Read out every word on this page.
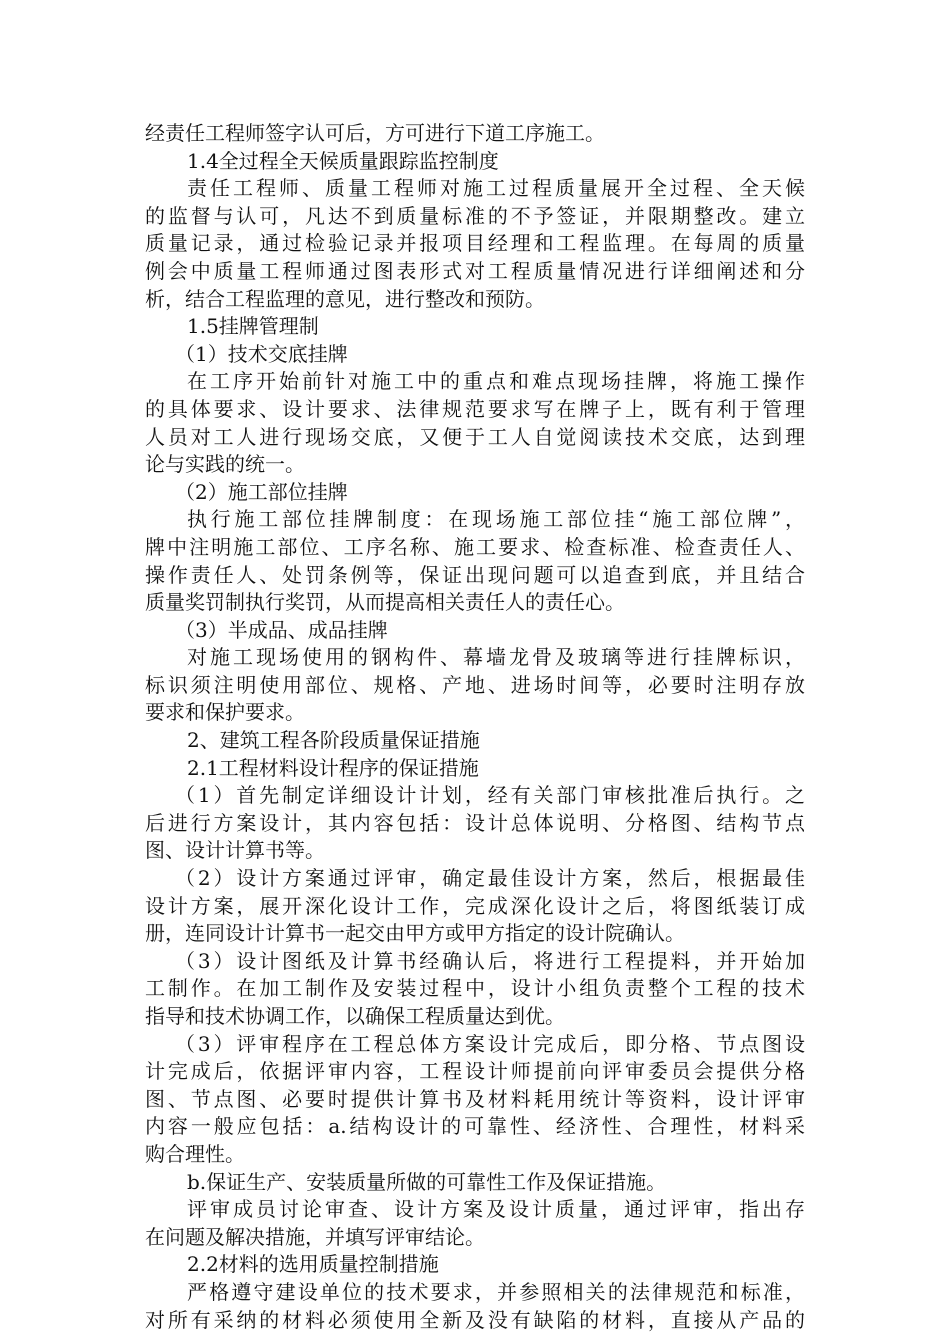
经责任工程师签字认可后，方可进行下道工序施工。
1.4全过程全天候质量跟踪监控制度
责任工程师、质量工程师对施工过程质量展开全过程、全天候
的监督与认可，凡达不到质量标准的不予签证，并限期整改。建立
质量记录，通过检验记录并报项目经理和工程监理。在每周的质量
例会中质量工程师通过图表形式对工程质量情况进行详细阐述和分
析，结合工程监理的意见，进行整改和预防。
1.5挂牌管理制
（1）技术交底挂牌
在工序开始前针对施工中的重点和难点现场挂牌，将施工操作
的具体要求、设计要求、法律规范要求写在牌子上，既有利于管理
人员对工人进行现场交底，又便于工人自觉阅读技术交底，达到理
论与实践的统一。
（2）施工部位挂牌
执行施工部位挂牌制度：在现场施工部位挂“施工部位牌”，
牌中注明施工部位、工序名称、施工要求、检查标准、检查责任人、
操作责任人、处罚条例等，保证出现问题可以追查到底，并且结合
质量奖罚制执行奖罚，从而提高相关责任人的责任心。
（3）半成品、成品挂牌
对施工现场使用的钢构件、幕墙龙骨及玻璃等进行挂牌标识，
标识须注明使用部位、规格、产地、进场时间等，必要时注明存放
要求和保护要求。
2、建筑工程各阶段质量保证措施
2.1工程材料设计程序的保证措施
（1）首先制定详细设计计划，经有关部门审核批准后执行。之
后进行方案设计，其内容包括：设计总体说明、分格图、结构节点
图、设计计算书等。
（2）设计方案通过评审，确定最佳设计方案，然后，根据最佳
设计方案，展开深化设计工作，完成深化设计之后，将图纸装订成
册，连同设计计算书一起交由甲方或甲方指定的设计院确认。
（3）设计图纸及计算书经确认后，将进行工程提料，并开始加
工制作。在加工制作及安装过程中，设计小组负责整个工程的技术
指导和技术协调工作，以确保工程质量达到优。
（3）评审程序在工程总体方案设计完成后，即分格、节点图设
计完成后，依据评审内容，工程设计师提前向评审委员会提供分格
图、节点图、必要时提供计算书及材料耗用统计等资料，设计评审
内容一般应包括：a.结构设计的可靠性、经济性、合理性，材料采
购合理性。
b.保证生产、安装质量所做的可靠性工作及保证措施。
评审成员讨论审查、设计方案及设计质量，通过评审，指出存
在问题及解决措施，并填写评审结论。
2.2材料的选用质量控制措施
严格遵守建设单位的技术要求，并参照相关的法律规范和标准，
对所有采纳的材料必须使用全新及没有缺陷的材料，直接从产品的
